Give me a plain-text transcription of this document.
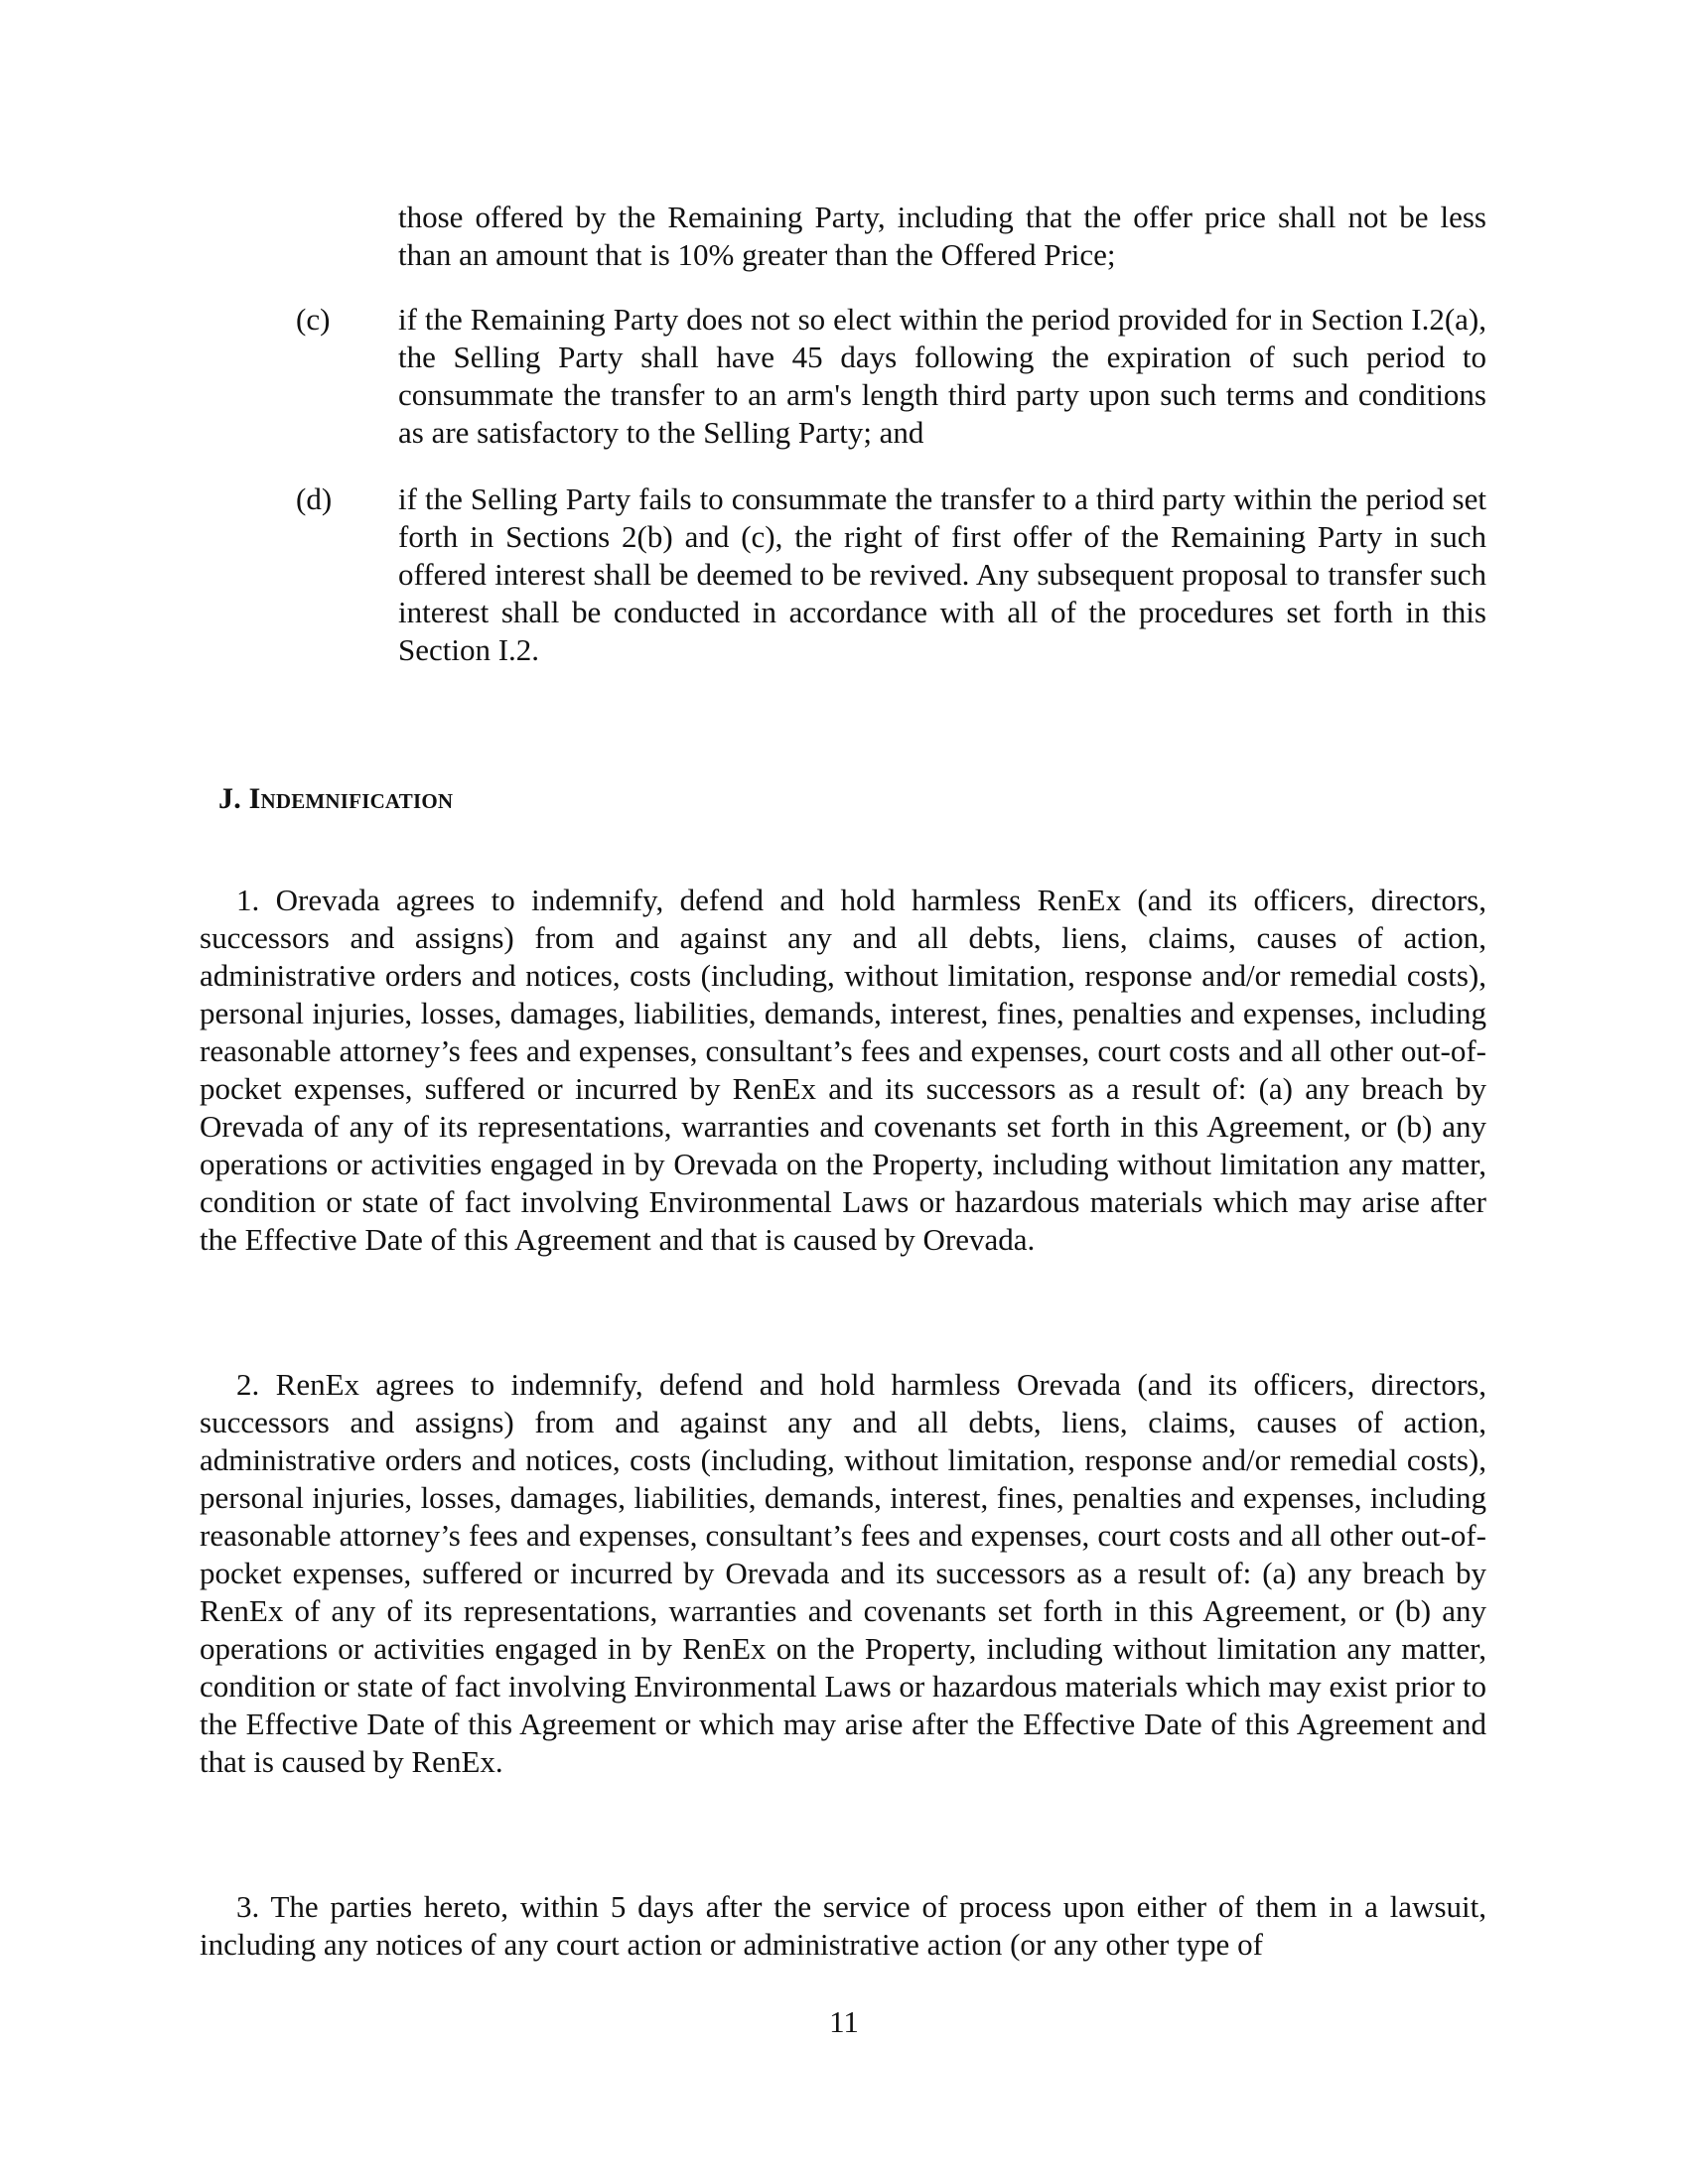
those offered by the Remaining Party, including that the offer price shall not be less than an amount that is 10% greater than the Offered Price;
(c) if the Remaining Party does not so elect within the period provided for in Section I.2(a), the Selling Party shall have 45 days following the expiration of such period to consummate the transfer to an arm's length third party upon such terms and conditions as are satisfactory to the Selling Party; and
(d) if the Selling Party fails to consummate the transfer to a third party within the period set forth in Sections 2(b) and (c), the right of first offer of the Remaining Party in such offered interest shall be deemed to be revived. Any subsequent proposal to transfer such interest shall be conducted in accordance with all of the procedures set forth in this Section I.2.
J. Indemnification
1. Orevada agrees to indemnify, defend and hold harmless RenEx (and its officers, directors, successors and assigns) from and against any and all debts, liens, claims, causes of action, administrative orders and notices, costs (including, without limitation, response and/or remedial costs), personal injuries, losses, damages, liabilities, demands, interest, fines, penalties and expenses, including reasonable attorney’s fees and expenses, consultant’s fees and expenses, court costs and all other out-of-pocket expenses, suffered or incurred by RenEx and its successors as a result of: (a) any breach by Orevada of any of its representations, warranties and covenants set forth in this Agreement, or (b) any operations or activities engaged in by Orevada on the Property, including without limitation any matter, condition or state of fact involving Environmental Laws or hazardous materials which may arise after the Effective Date of this Agreement and that is caused by Orevada.
2. RenEx agrees to indemnify, defend and hold harmless Orevada (and its officers, directors, successors and assigns) from and against any and all debts, liens, claims, causes of action, administrative orders and notices, costs (including, without limitation, response and/or remedial costs), personal injuries, losses, damages, liabilities, demands, interest, fines, penalties and expenses, including reasonable attorney’s fees and expenses, consultant’s fees and expenses, court costs and all other out-of-pocket expenses, suffered or incurred by Orevada and its successors as a result of: (a) any breach by RenEx of any of its representations, warranties and covenants set forth in this Agreement, or (b) any operations or activities engaged in by RenEx on the Property, including without limitation any matter, condition or state of fact involving Environmental Laws or hazardous materials which may exist prior to the Effective Date of this Agreement or which may arise after the Effective Date of this Agreement and that is caused by RenEx.
3. The parties hereto, within 5 days after the service of process upon either of them in a lawsuit, including any notices of any court action or administrative action (or any other type of
11
